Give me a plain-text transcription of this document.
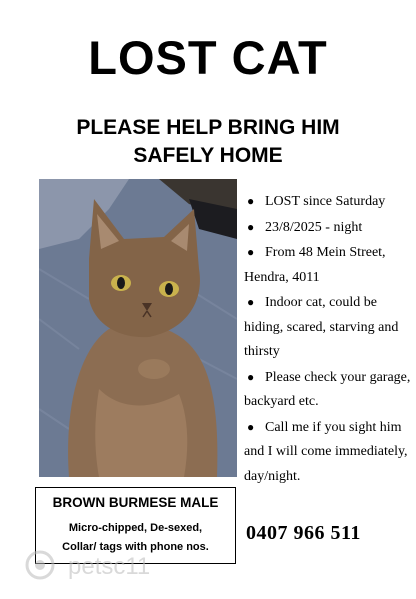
LOST CAT
PLEASE HELP BRING HIM
SAFELY HOME
● LOST since Saturday
● 23/8/2025 - night
● From 48 Mein Street, Hendra, 4011
● Indoor cat, could be hiding, scared, starving and thirsty
● Please check your garage, backyard etc.
● Call me if you sight him and I will come immediately, day/night.
BROWN BURMESE MALE
Micro-chipped, De-sexed,
Collar/ tags with phone nos.
0407 966 511
petsc11
